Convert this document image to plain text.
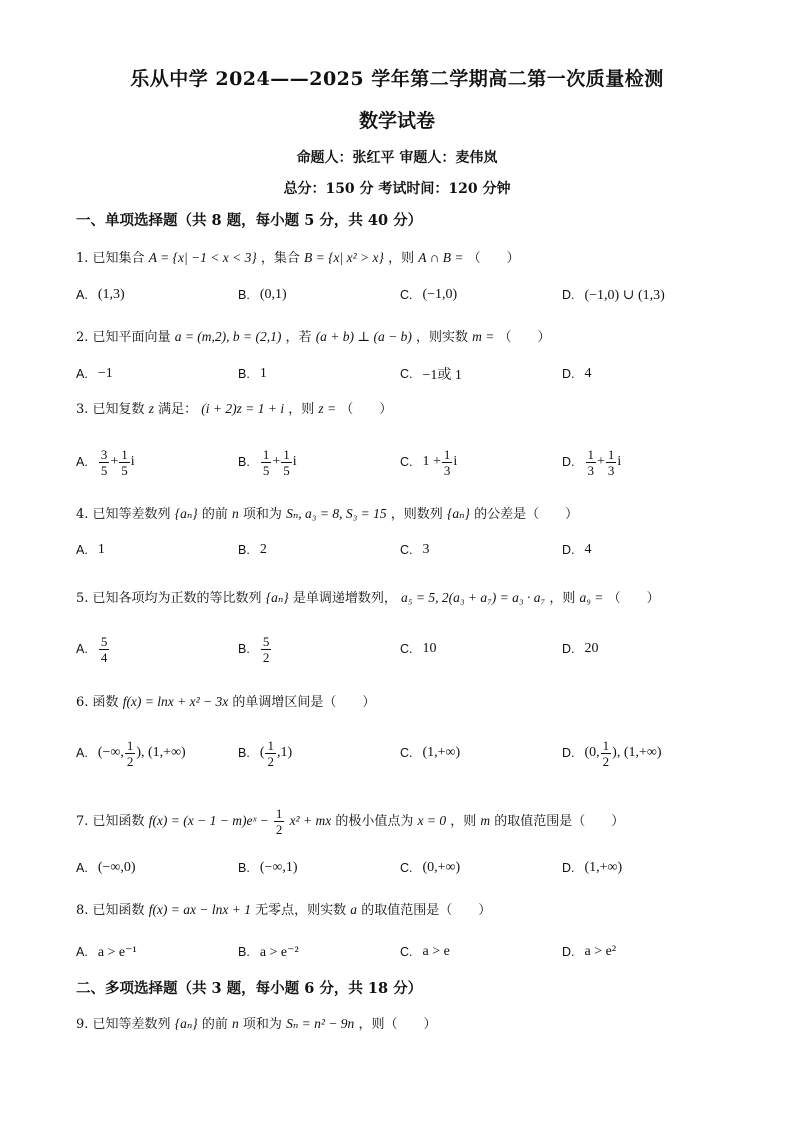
乐从中学 2024——2025 学年第二学期高二第一次质量检测
数学试卷
命题人：张红平 审题人：麦伟岚
总分：150 分 考试时间：120 分钟
一、单项选择题（共 8 题，每小题 5 分，共 40 分）
1. 已知集合 A = {x| −1 < x < 3} ，集合 B = {x| x² > x} ，则 A ∩ B = （　　）
A. (1,3)	B. (0,1)	C. (−1,0)	D. (−1,0) ∪ (1,3)
2. 已知平面向量 a = (m,2), b = (2,1) ，若 (a + b) ⊥ (a − b) ，则实数 m = （　　）
A. −1	B. 1	C. −1或 1	D. 4
3. 已知复数 z 满足： (i + 2)z = 1 + i ，则 z = （　　）
A. $\frac{3}{5} + \frac{1}{5}$ i	B. $\frac{1}{5} + \frac{1}{5}$ i	C. $1 + \frac{1}{3}$ i	D. $\frac{1}{3} + \frac{1}{3}$ i
4. 已知等差数列 {aₙ} 的前 n 项和为 Sₙ, a₃ = 8, S₃ = 15 ，则数列 {aₙ} 的公差是（　　）
A. 1	B. 2	C. 3	D. 4
5. 已知各项均为正数的等比数列 {aₙ} 是单调递增数列， a₅ = 5, 2(a₃ + a₇) = a₃ · a₇ ，则 a₉ = （　　）
A. $\frac{5}{4}$	B. $\frac{5}{2}$	C. 10	D. 20
6. 函数 f(x) = lnx + x² − 3x 的单调增区间是（　　）
A. (−∞, $\frac{1}{2}$ ), (1,+∞)	B. ( $\frac{1}{2} ,1$)	C. (1,+∞)	D. (0, $\frac{1}{2}$ ), (1,+∞)
7. 已知函数 f(x) = (x − 1 − m)eˣ − $\frac{1}{2} x^2$ + mx 的极小值点为 x = 0 ，则 m 的取值范围是（　　）
A. (−∞,0)	B. (−∞,1)	C. (0,+∞)	D. (1,+∞)
8. 已知函数 f(x) = ax − lnx + 1 无零点，则实数 a 的取值范围是（　　）
A. a > e⁻¹	B. a > e⁻²	C. a > e	D. a > e²
二、多项选择题（共 3 题，每小题 6 分，共 18 分）
9. 已知等差数列 {aₙ} 的前 n 项和为 Sₙ = n² − 9n ，则（　　）
